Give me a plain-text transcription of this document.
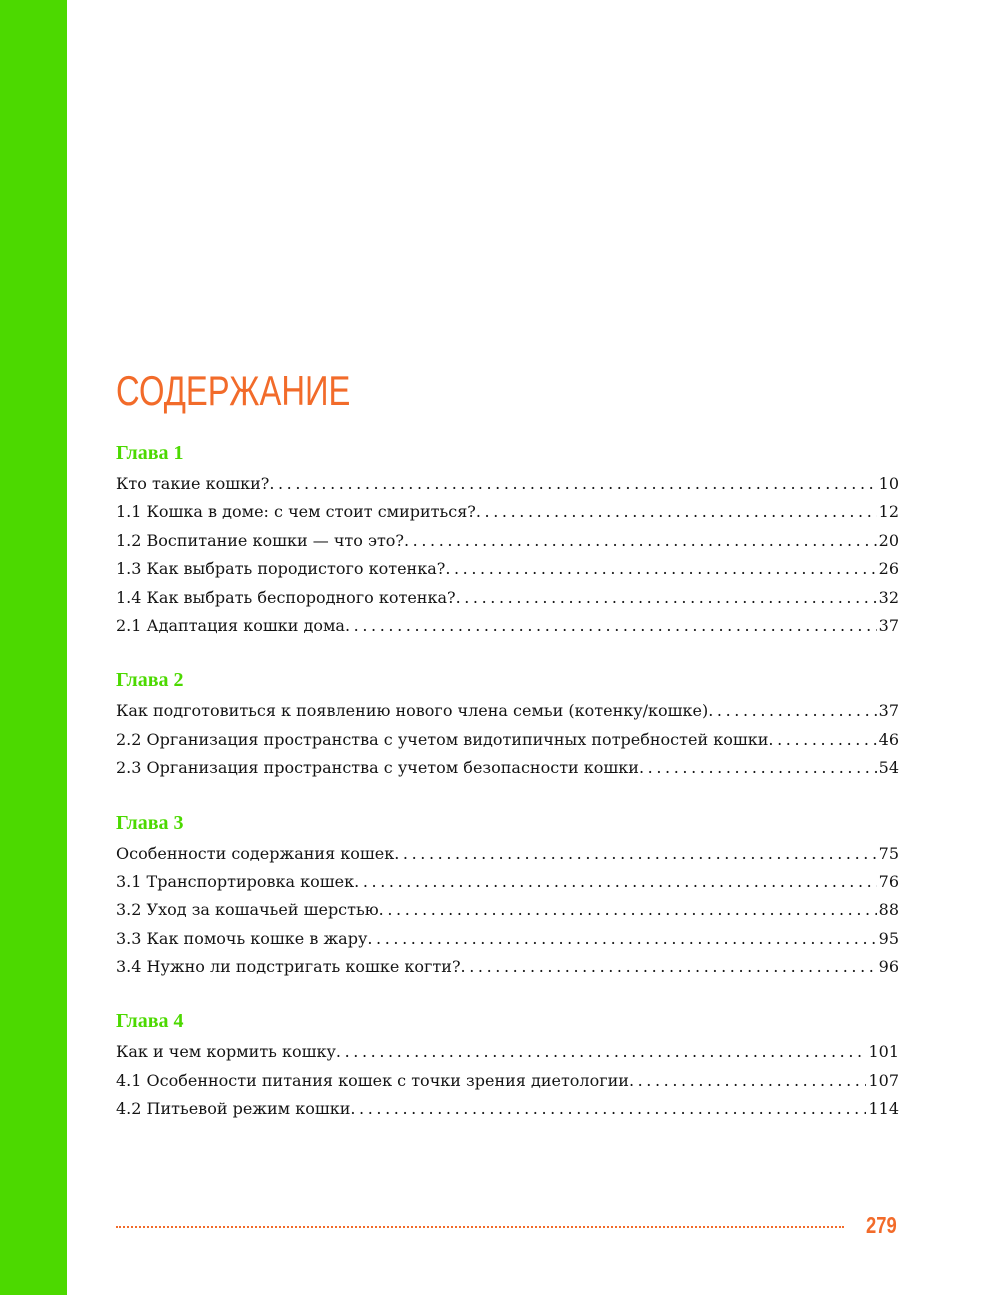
СОДЕРЖАНИЕ
Глава 1
Кто такие кошки? .....	10
1.1 Кошка в доме: с чем стоит смириться? .....	12
1.2 Воспитание кошки — что это? .....	20
1.3 Как выбрать породистого котенка? .....	26
1.4 Как выбрать беспородного котенка? .....	32
2.1 Адаптация кошки дома .....	37
Глава 2
Как подготовиться к появлению нового члена семьи (котенку/кошке) .....	37
2.2 Организация пространства с учетом видотипичных потребностей кошки .....	46
2.3 Организация пространства с учетом безопасности кошки .....	54
Глава 3
Особенности содержания кошек .....	75
3.1 Транспортировка кошек .....	76
3.2 Уход за кошачьей шерстью .....	88
3.3 Как помочь кошке в жару .....	95
3.4 Нужно ли подстригать кошке когти? .....	96
Глава 4
Как и чем кормить кошку .....	101
4.1 Особенности питания кошек с точки зрения диетологии .....	107
4.2 Питьевой режим кошки .....	114

279
